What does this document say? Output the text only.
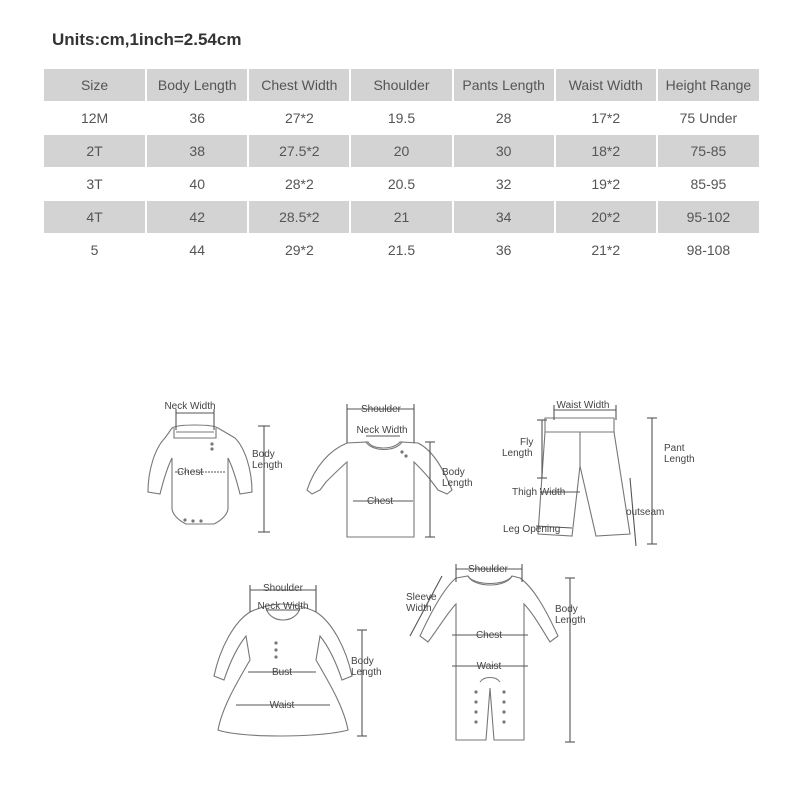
Units:cm,1inch=2.54cm
Size	Body Length	Chest Width	Shoulder	Pants Length	Waist Width	Height Range
12M	36	27*2	19.5	28	17*2	75 Under
2T	38	27.5*2	20	30	18*2	75-85
3T	40	28*2	20.5	32	19*2	85-95
4T	42	28.5*2	21	34	20*2	95-102
5	44	29*2	21.5	36	21*2	98-108
Neck Width
Chest
Body
Length
Shoulder
Neck Width
Chest
Body
Length
Waist Width
Fly
Length	Pant
Length
Thigh Width
outseam
Leg Opening
Shoulder
Neck Width
Bust
Waist
Body
Length
Shoulder
Sleeve
Width
Chest
Waist
Body
Length
